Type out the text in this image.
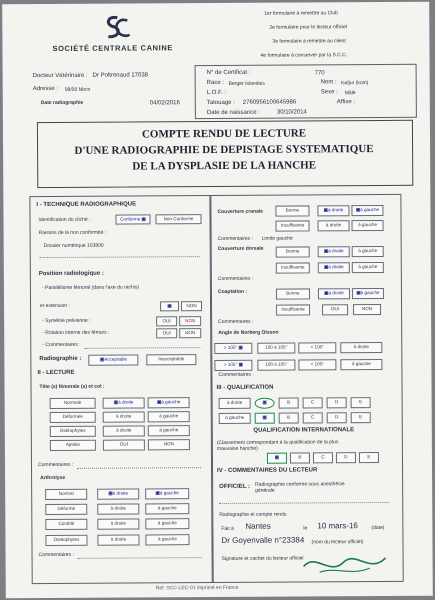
SOCIÉTÉ CENTRALE CANINE
1er formulaire à remettre au Club
2e formulaire pour le lecteur officiel
3e formulaire à remettre au client
4e formulaire à conserver par la S.C.C.
Docteur Vétérinaire : Dr Poltrenaud 17038
Adresse : 08/00 Nbco
Date radiographie	04/02/2016
N° de Certificat :	770
Race : Berger Islandais	Nom : Isafjur (kom)
L.O.F. :	Sexe : Mâle
Tatouage : 2760956100645986	Affixe :
Date de naissance :	30/10/2014
COMPTE RENDU DE LECTURE
D'UNE RADIOGRAPHIE DE DEPISTAGE SYSTEMATIQUE
DE LA DYSPLASIE DE LA HANCHE
I - TECHNIQUE RADIOGRAPHIQUE
Identification du cliché :	Conforme ▣	Non Conforme
Raisons de la non conformité :
Dossier numérique 103800
Position radiologique :
- Parallélisme fémoral (dans l'axe du rachis)
et extension :	▣	NON
- Symétrie pelvienne :	OUI	NON
- Rotation interne des fémurs :	OUI	NON
- Commentaires :
Radiographie :	▣Acceptable	Inacceptable
II - LECTURE
Tête (s) fémorale (s) et col :
Normale	▣à droite	▣à gauche
Déformée	à droite	à gauche
Ostéophytes	à droite	à gauche
Aplatie	OUI	NON
Commentaires :
Arthrolyse
Normal	▣à droite	▣à gauche
Déformé	à droite	à gauche
Comblé	à droite	à gauche
Ostéophytes	à droite	à gauche
Commentaires :
Couverture cranale	Bonne	▣à droite	▣à gauche
Insuffisante	à droite	à gauche
Commentaires : Limite gauche
Couverture dorsale	Bonne	▣à droite	à gauche
Insuffisante	▣à droite	à gauche
Commentaires :
Coaptation :	Bonne	▣à droite	▣à gauche
Insuffisante	OUI	NON
Commentaires :
Angle de Norberg Olsson
> 105° ▣	100 à 105°	< 100°	à droite
> 105° ▣	100 à 105°	< 100°	à gauche
Commentaires :
III - QUALIFICATION
à droite	▣	B	C	D	E
à gauche	▣	B	C	D	E
QUALIFICATION INTERNATIONALE
(Classement correspondant à la qualification de la plus mauvaise hanche)
▣	B	C	D	E
IV - COMMENTAIRES DU LECTEUR
OFFICIEL : Radiographie conforme sous anesthésie générale
Radiographie et compte rendu
Fait à Nantes	le 10 mars-16	(date)
Dr Goyenvalle n°23384 (nom du lecteur officiel)
Signature et cachet du lecteur officiel
Ref: SCC-LEC-01 imprimé en France
